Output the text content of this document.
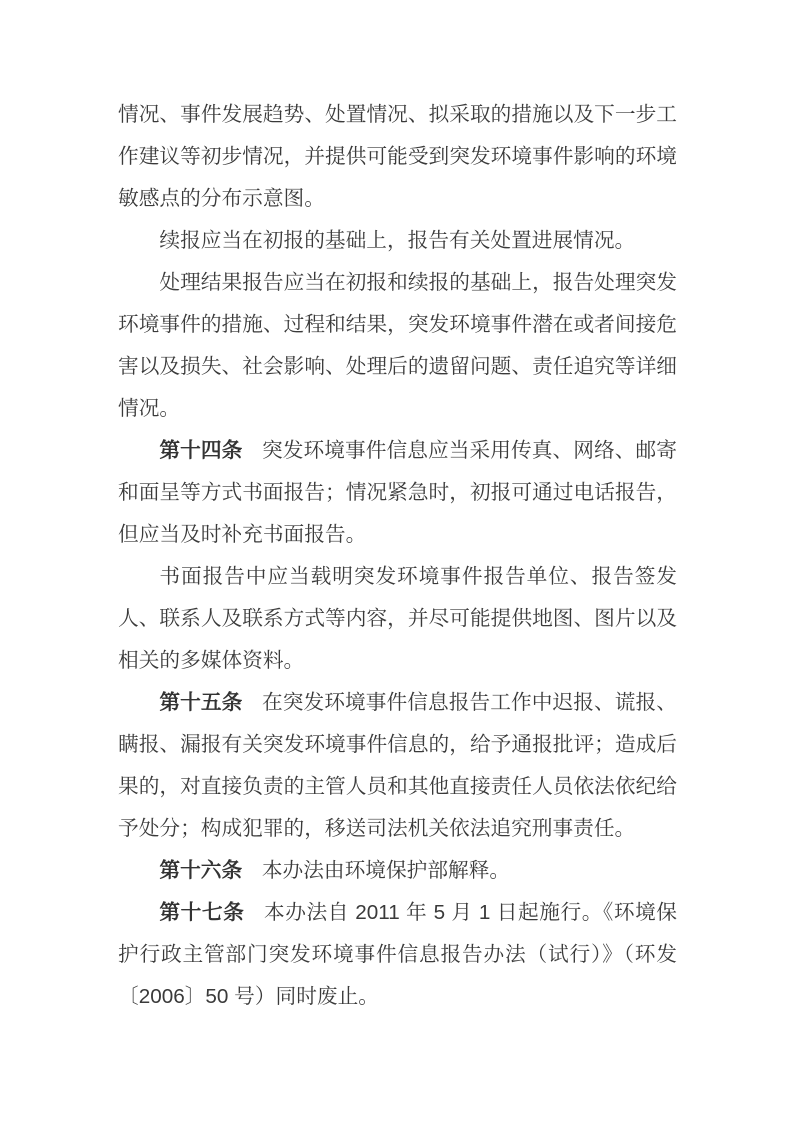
情况、事件发展趋势、处置情况、拟采取的措施以及下一步工作建议等初步情况，并提供可能受到突发环境事件影响的环境敏感点的分布示意图。

续报应当在初报的基础上，报告有关处置进展情况。

处理结果报告应当在初报和续报的基础上，报告处理突发环境事件的措施、过程和结果，突发环境事件潜在或者间接危害以及损失、社会影响、处理后的遗留问题、责任追究等详细情况。

第十四条 突发环境事件信息应当采用传真、网络、邮寄和面呈等方式书面报告；情况紧急时，初报可通过电话报告，但应当及时补充书面报告。

书面报告中应当载明突发环境事件报告单位、报告签发人、联系人及联系方式等内容，并尽可能提供地图、图片以及相关的多媒体资料。

第十五条 在突发环境事件信息报告工作中迟报、谎报、瞒报、漏报有关突发环境事件信息的，给予通报批评；造成后果的，对直接负责的主管人员和其他直接责任人员依法依纪给予处分；构成犯罪的，移送司法机关依法追究刑事责任。

第十六条 本办法由环境保护部解释。

第十七条 本办法自 2011 年 5 月 1 日起施行。《环境保护行政主管部门突发环境事件信息报告办法（试行）》（环发〔2006〕50 号）同时废止。
